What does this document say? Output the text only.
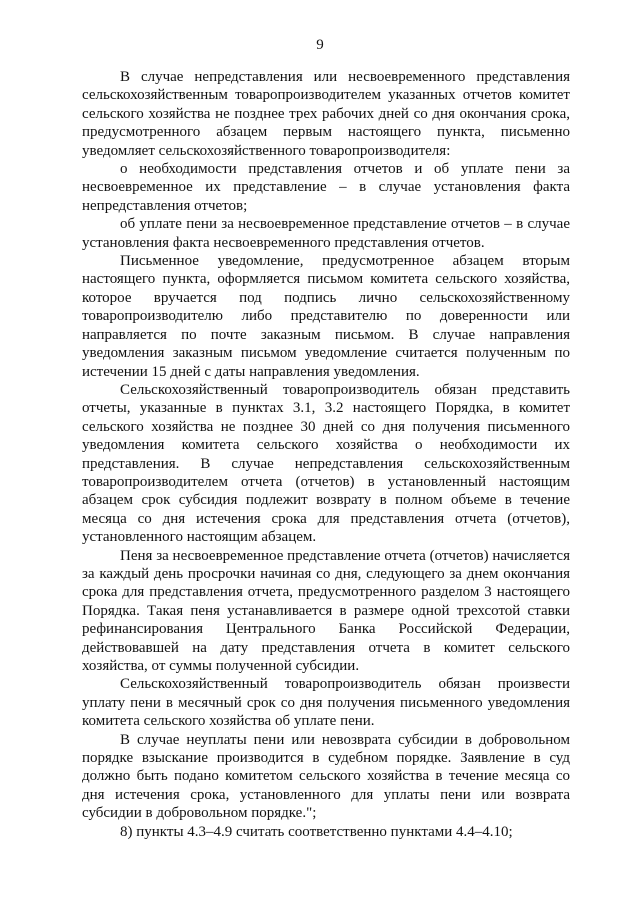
9

В случае непредставления или несвоевременного представления сельскохозяйственным товаропроизводителем указанных отчетов комитет сельского хозяйства не позднее трех рабочих дней со дня окончания срока, предусмотренного абзацем первым настоящего пункта, письменно уведомляет сельскохозяйственного товаропроизводителя:

о необходимости представления отчетов и об уплате пени за несвоевременное их представление – в случае установления факта непредставления отчетов;

об уплате пени за несвоевременное представление отчетов – в случае установления факта несвоевременного представления отчетов.

Письменное уведомление, предусмотренное абзацем вторым настоящего пункта, оформляется письмом комитета сельского хозяйства, которое вручается под подпись лично сельскохозяйственному товаропроизводителю либо представителю по доверенности или направляется по почте заказным письмом. В случае направления уведомления заказным письмом уведомление считается полученным по истечении 15 дней с даты направления уведомления.

Сельскохозяйственный товаропроизводитель обязан представить отчеты, указанные в пунктах 3.1, 3.2 настоящего Порядка, в комитет сельского хозяйства не позднее 30 дней со дня получения письменного уведомления комитета сельского хозяйства о необходимости их представления. В случае непредставления сельскохозяйственным товаропроизводителем отчета (отчетов) в установленный настоящим абзацем срок субсидия подлежит возврату в полном объеме в течение месяца со дня истечения срока для представления отчета (отчетов), установленного настоящим абзацем.

Пеня за несвоевременное представление отчета (отчетов) начисляется за каждый день просрочки начиная со дня, следующего за днем окончания срока для представления отчета, предусмотренного разделом 3 настоящего Порядка. Такая пеня устанавливается в размере одной трехсотой ставки рефинансирования Центрального Банка Российской Федерации, действовавшей на дату представления отчета в комитет сельского хозяйства, от суммы полученной субсидии.

Сельскохозяйственный товаропроизводитель обязан произвести уплату пени в месячный срок со дня получения письменного уведомления комитета сельского хозяйства об уплате пени.

В случае неуплаты пени или невозврата субсидии в добровольном порядке взыскание производится в судебном порядке. Заявление в суд должно быть подано комитетом сельского хозяйства в течение месяца со дня истечения срока, установленного для уплаты пени или возврата субсидии в добровольном порядке.";

8) пункты 4.3–4.9 считать соответственно пунктами 4.4–4.10;
